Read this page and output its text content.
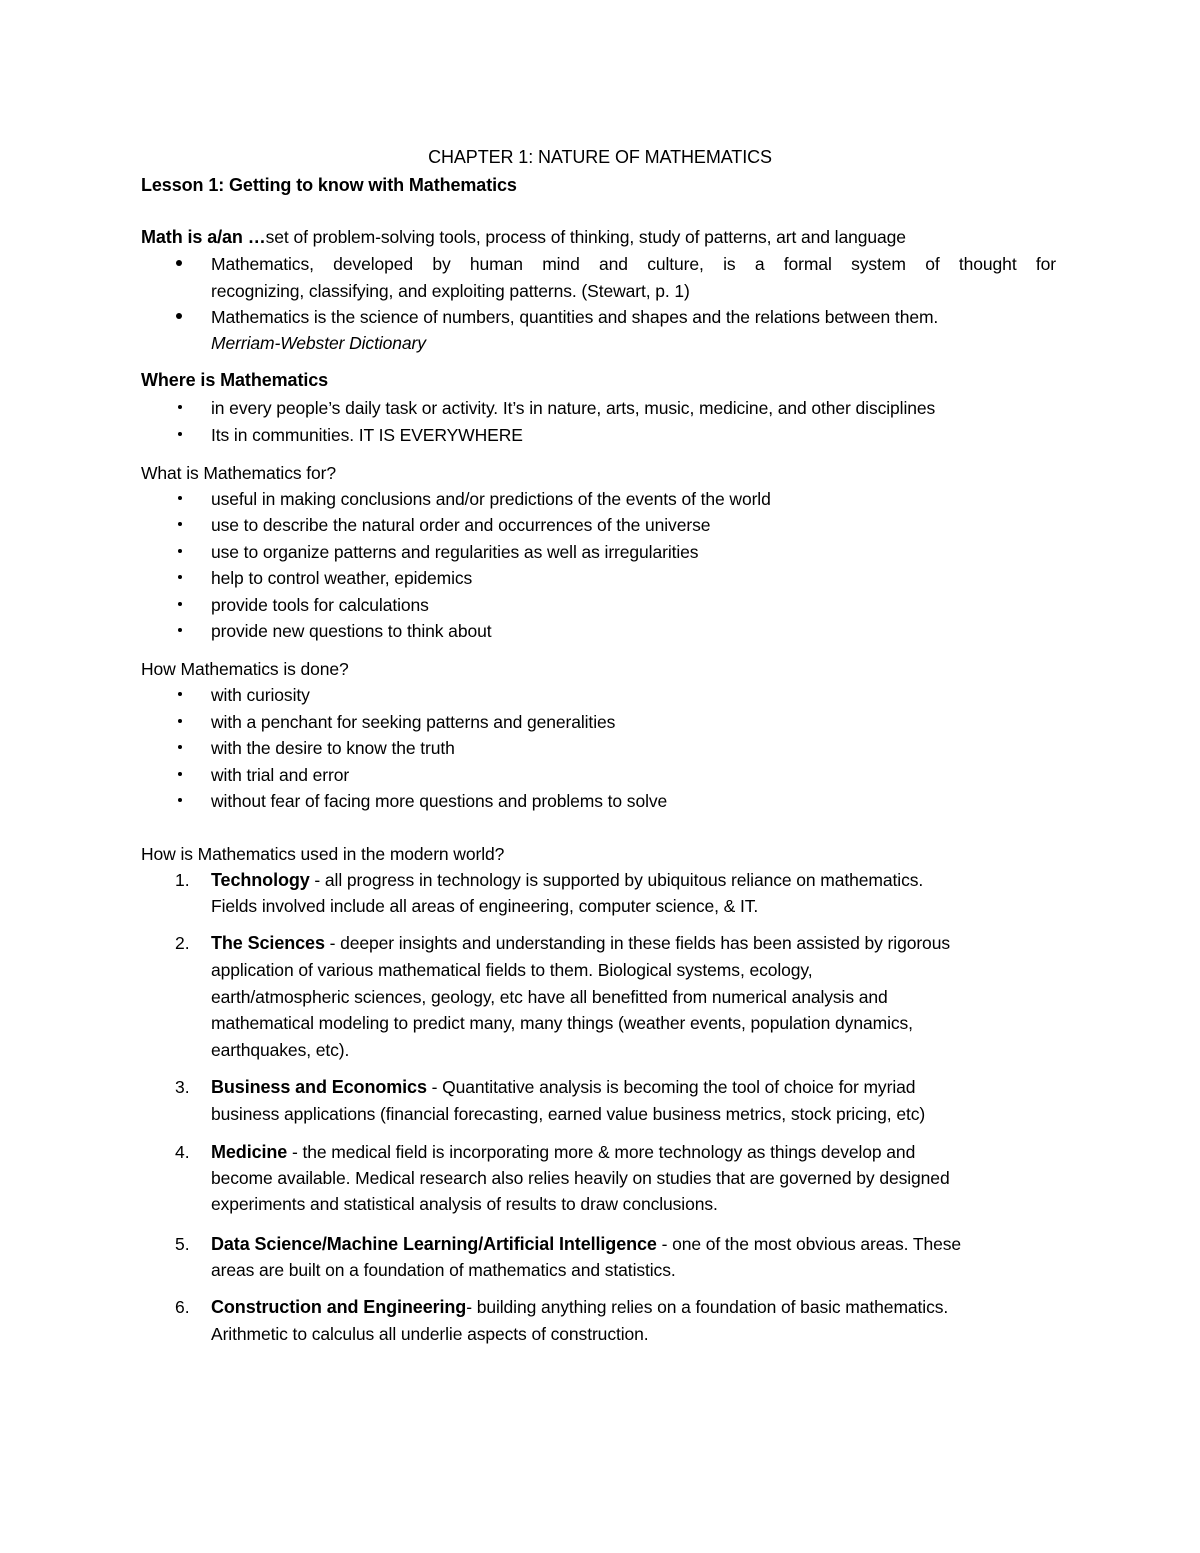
CHAPTER 1: NATURE OF MATHEMATICS
Lesson 1: Getting to know with Mathematics
Math is a/an …set of problem-solving tools, process of thinking, study of patterns, art and language
Mathematics, developed by human mind and culture, is a formal system of thought for
recognizing, classifying, and exploiting patterns. (Stewart, p. 1)
Mathematics is the science of numbers, quantities and shapes and the relations between them.
Merriam-Webster Dictionary
Where is Mathematics
in every people’s daily task or activity. It’s in nature, arts, music, medicine, and other disciplines
Its in communities. IT IS EVERYWHERE
What is Mathematics for?
useful in making conclusions and/or predictions of the events of the world
use to describe the natural order and occurrences of the universe
use to organize patterns and regularities as well as irregularities
help to control weather, epidemics
provide tools for calculations
provide new questions to think about
How Mathematics is done?
with curiosity
with a penchant for seeking patterns and generalities
with the desire to know the truth
with trial and error
without fear of facing more questions and problems to solve
How is Mathematics used in the modern world?
1. Technology - all progress in technology is supported by ubiquitous reliance on mathematics.
Fields involved include all areas of engineering, computer science, & IT.
2. The Sciences - deeper insights and understanding in these fields has been assisted by rigorous
application of various mathematical fields to them. Biological systems, ecology,
earth/atmospheric sciences, geology, etc have all benefitted from numerical analysis and
mathematical modeling to predict many, many things (weather events, population dynamics,
earthquakes, etc).
3. Business and Economics - Quantitative analysis is becoming the tool of choice for myriad
business applications (financial forecasting, earned value business metrics, stock pricing, etc)
4. Medicine - the medical field is incorporating more & more technology as things develop and
become available. Medical research also relies heavily on studies that are governed by designed
experiments and statistical analysis of results to draw conclusions.
5. Data Science/Machine Learning/Artificial Intelligence - one of the most obvious areas. These
areas are built on a foundation of mathematics and statistics.
6. Construction and Engineering- building anything relies on a foundation of basic mathematics.
Arithmetic to calculus all underlie aspects of construction.
